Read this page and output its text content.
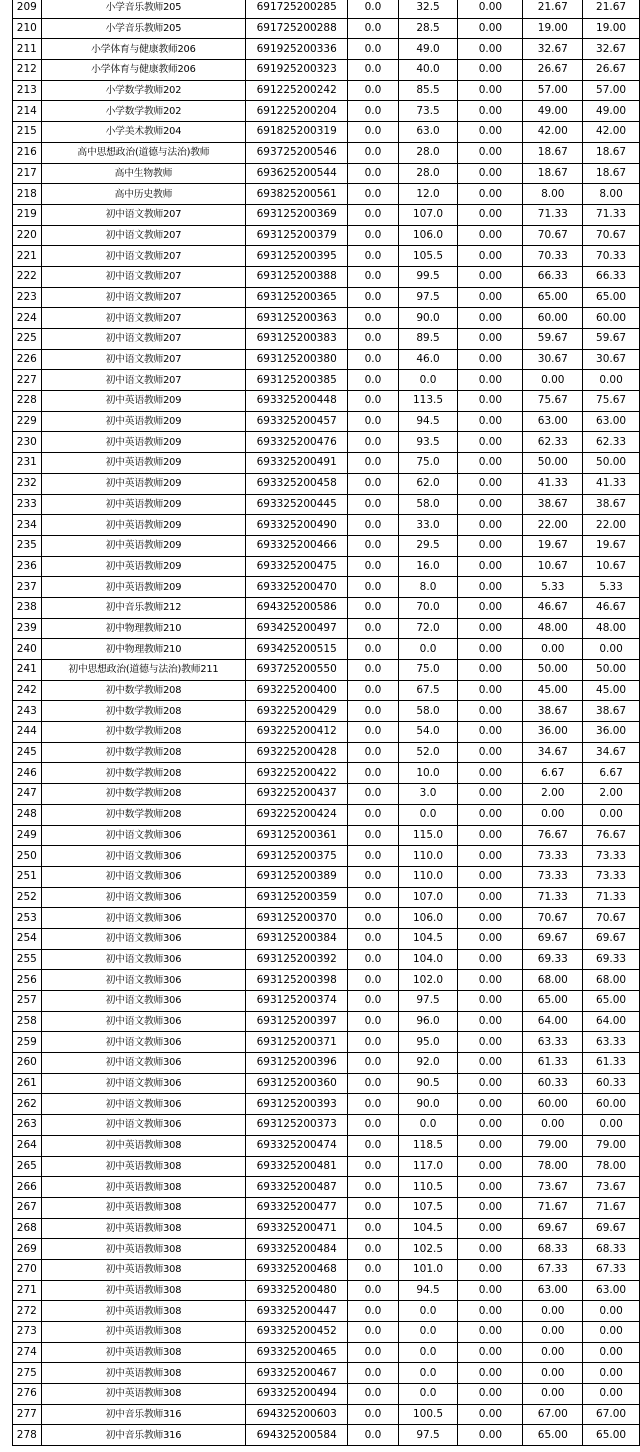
209	小学音乐教师205	691725200285	0.0	32.5	0.00	21.67	21.67
210	小学音乐教师205	691725200288	0.0	28.5	0.00	19.00	19.00
211	小学体育与健康教师206	691925200336	0.0	49.0	0.00	32.67	32.67
212	小学体育与健康教师206	691925200323	0.0	40.0	0.00	26.67	26.67
213	小学数学教师202	691225200242	0.0	85.5	0.00	57.00	57.00
214	小学数学教师202	691225200204	0.0	73.5	0.00	49.00	49.00
215	小学美术教师204	691825200319	0.0	63.0	0.00	42.00	42.00
216	高中思想政治(道德与法治)教师	693725200546	0.0	28.0	0.00	18.67	18.67
217	高中生物教师	693625200544	0.0	28.0	0.00	18.67	18.67
218	高中历史教师	693825200561	0.0	12.0	0.00	8.00	8.00
219	初中语文教师207	693125200369	0.0	107.0	0.00	71.33	71.33
220	初中语文教师207	693125200379	0.0	106.0	0.00	70.67	70.67
221	初中语文教师207	693125200395	0.0	105.5	0.00	70.33	70.33
222	初中语文教师207	693125200388	0.0	99.5	0.00	66.33	66.33
223	初中语文教师207	693125200365	0.0	97.5	0.00	65.00	65.00
224	初中语文教师207	693125200363	0.0	90.0	0.00	60.00	60.00
225	初中语文教师207	693125200383	0.0	89.5	0.00	59.67	59.67
226	初中语文教师207	693125200380	0.0	46.0	0.00	30.67	30.67
227	初中语文教师207	693125200385	0.0	0.0	0.00	0.00	0.00
228	初中英语教师209	693325200448	0.0	113.5	0.00	75.67	75.67
229	初中英语教师209	693325200457	0.0	94.5	0.00	63.00	63.00
230	初中英语教师209	693325200476	0.0	93.5	0.00	62.33	62.33
231	初中英语教师209	693325200491	0.0	75.0	0.00	50.00	50.00
232	初中英语教师209	693325200458	0.0	62.0	0.00	41.33	41.33
233	初中英语教师209	693325200445	0.0	58.0	0.00	38.67	38.67
234	初中英语教师209	693325200490	0.0	33.0	0.00	22.00	22.00
235	初中英语教师209	693325200466	0.0	29.5	0.00	19.67	19.67
236	初中英语教师209	693325200475	0.0	16.0	0.00	10.67	10.67
237	初中英语教师209	693325200470	0.0	8.0	0.00	5.33	5.33
238	初中音乐教师212	694325200586	0.0	70.0	0.00	46.67	46.67
239	初中物理教师210	693425200497	0.0	72.0	0.00	48.00	48.00
240	初中物理教师210	693425200515	0.0	0.0	0.00	0.00	0.00
241	初中思想政治(道德与法治)教师211	693725200550	0.0	75.0	0.00	50.00	50.00
242	初中数学教师208	693225200400	0.0	67.5	0.00	45.00	45.00
243	初中数学教师208	693225200429	0.0	58.0	0.00	38.67	38.67
244	初中数学教师208	693225200412	0.0	54.0	0.00	36.00	36.00
245	初中数学教师208	693225200428	0.0	52.0	0.00	34.67	34.67
246	初中数学教师208	693225200422	0.0	10.0	0.00	6.67	6.67
247	初中数学教师208	693225200437	0.0	3.0	0.00	2.00	2.00
248	初中数学教师208	693225200424	0.0	0.0	0.00	0.00	0.00
249	初中语文教师306	693125200361	0.0	115.0	0.00	76.67	76.67
250	初中语文教师306	693125200375	0.0	110.0	0.00	73.33	73.33
251	初中语文教师306	693125200389	0.0	110.0	0.00	73.33	73.33
252	初中语文教师306	693125200359	0.0	107.0	0.00	71.33	71.33
253	初中语文教师306	693125200370	0.0	106.0	0.00	70.67	70.67
254	初中语文教师306	693125200384	0.0	104.5	0.00	69.67	69.67
255	初中语文教师306	693125200392	0.0	104.0	0.00	69.33	69.33
256	初中语文教师306	693125200398	0.0	102.0	0.00	68.00	68.00
257	初中语文教师306	693125200374	0.0	97.5	0.00	65.00	65.00
258	初中语文教师306	693125200397	0.0	96.0	0.00	64.00	64.00
259	初中语文教师306	693125200371	0.0	95.0	0.00	63.33	63.33
260	初中语文教师306	693125200396	0.0	92.0	0.00	61.33	61.33
261	初中语文教师306	693125200360	0.0	90.5	0.00	60.33	60.33
262	初中语文教师306	693125200393	0.0	90.0	0.00	60.00	60.00
263	初中语文教师306	693125200373	0.0	0.0	0.00	0.00	0.00
264	初中英语教师308	693325200474	0.0	118.5	0.00	79.00	79.00
265	初中英语教师308	693325200481	0.0	117.0	0.00	78.00	78.00
266	初中英语教师308	693325200487	0.0	110.5	0.00	73.67	73.67
267	初中英语教师308	693325200477	0.0	107.5	0.00	71.67	71.67
268	初中英语教师308	693325200471	0.0	104.5	0.00	69.67	69.67
269	初中英语教师308	693325200484	0.0	102.5	0.00	68.33	68.33
270	初中英语教师308	693325200468	0.0	101.0	0.00	67.33	67.33
271	初中英语教师308	693325200480	0.0	94.5	0.00	63.00	63.00
272	初中英语教师308	693325200447	0.0	0.0	0.00	0.00	0.00
273	初中英语教师308	693325200452	0.0	0.0	0.00	0.00	0.00
274	初中英语教师308	693325200465	0.0	0.0	0.00	0.00	0.00
275	初中英语教师308	693325200467	0.0	0.0	0.00	0.00	0.00
276	初中英语教师308	693325200494	0.0	0.0	0.00	0.00	0.00
277	初中音乐教师316	694325200603	0.0	100.5	0.00	67.00	67.00
278	初中音乐教师316	694325200584	0.0	97.5	0.00	65.00	65.00
